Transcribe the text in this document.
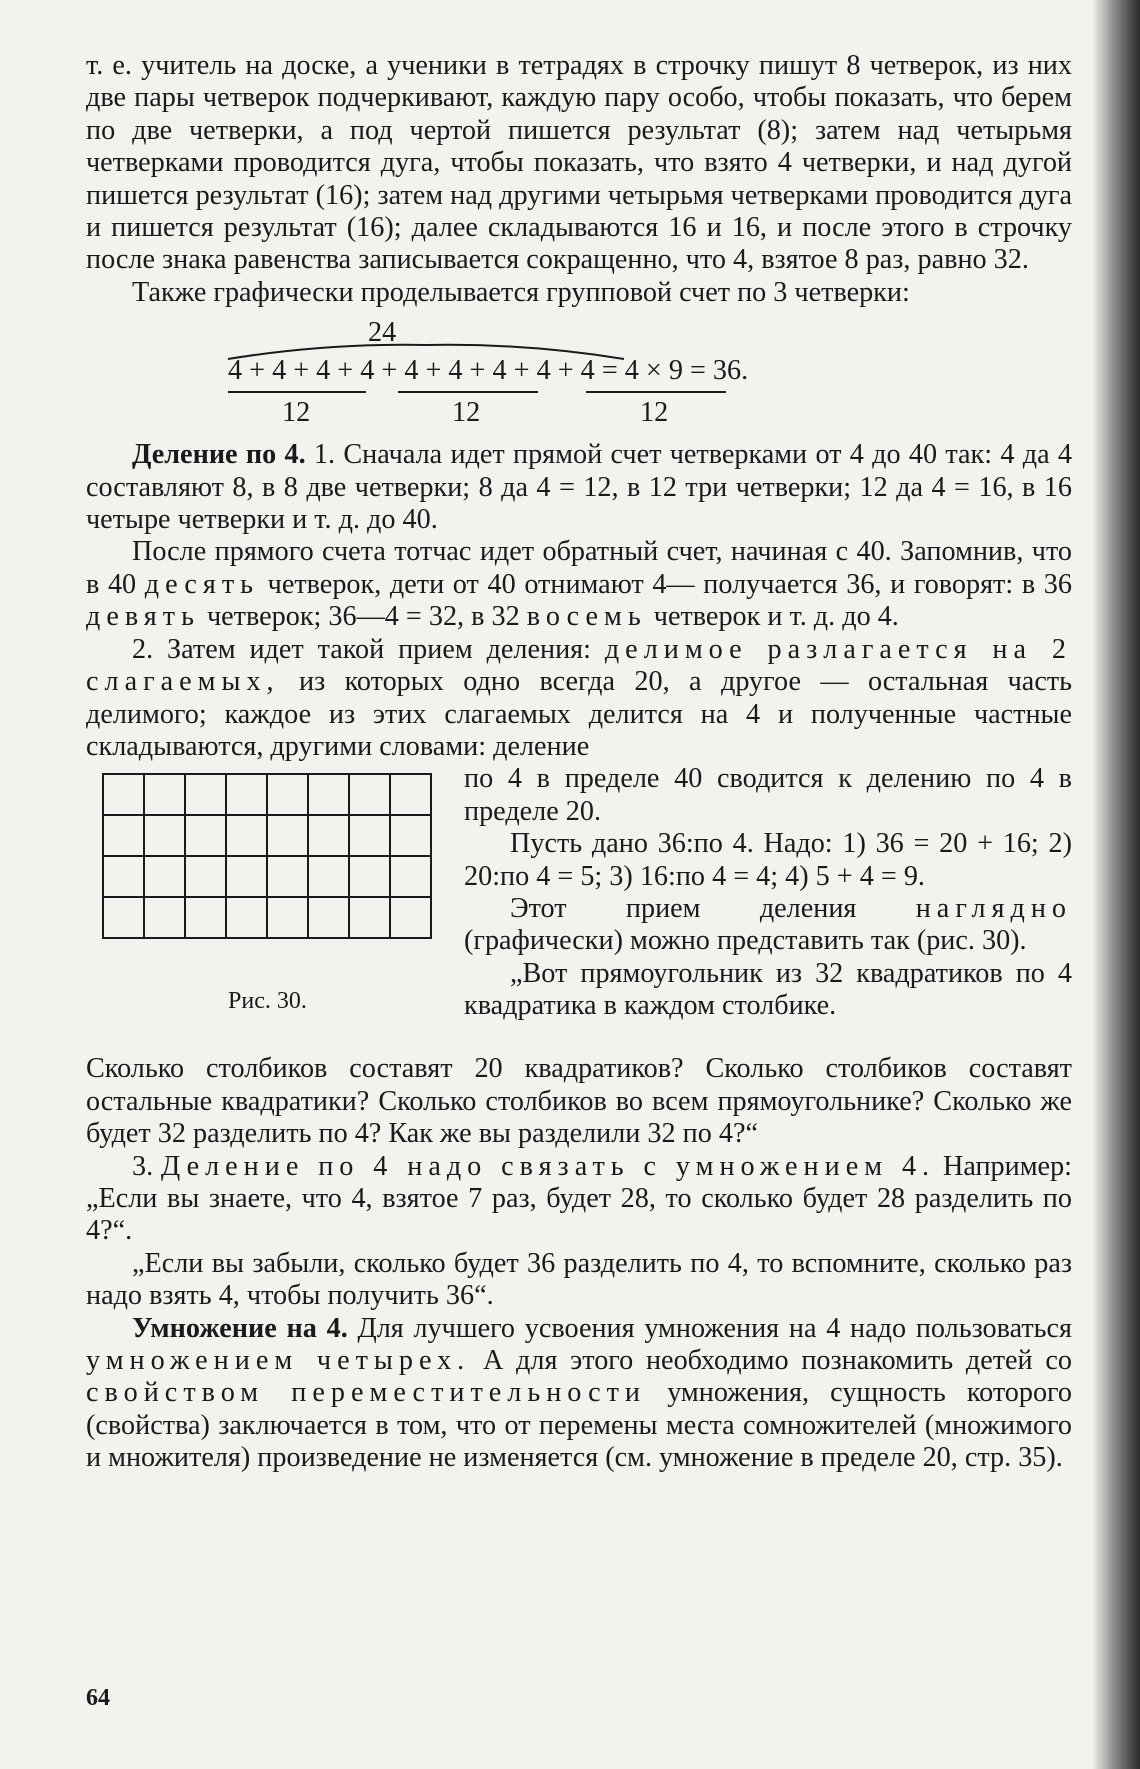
т. е. учитель на доске, а ученики в тетрадях в строчку пишут 8 четверок, из них две пары четверок подчеркивают, каждую пару особо, чтобы показать, что берем по две четверки, а под чертой пишется результат (8); затем над четырьмя четверками проводится дуга, чтобы показать, что взято 4 четверки, и над дугой пишется результат (16); затем над другими четырьмя четверками проводится дуга и пишется результат (16); далее складываются 16 и 16, и после этого в строчку после знака равенства записывается сокращенно, что 4, взятое 8 раз, равно 32.

Также графически проделывается групповой счет по 3 четверки:

24
4 + 4 + 4 + 4 + 4 + 4 + 4 + 4 + 4 = 4 × 9 = 36.
12	12	12

Деление по 4. 1. Сначала идет прямой счет четверками от 4 до 40 так: 4 да 4 составляют 8, в 8 две четверки; 8 да 4 = 12, в 12 три четверки; 12 да 4 = 16, в 16 четыре четверки и т. д. до 40.

После прямого счета тотчас идет обратный счет, начиная с 40. Запомнив, что в 40 десять четверок, дети от 40 отнимают 4— получается 36, и говорят: в 36 девять четверок; 36—4 = 32, в 32 восемь четверок и т. д. до 4.

2. Затем идет такой прием деления: делимое разлагается на 2 слагаемых, из которых одно всегда 20, а другое — остальная часть делимого; каждое из этих слагаемых делится на 4 и полученные частные складываются, другими словами: деление

Рис. 30.

по 4 в пределе 40 сводится к делению по 4 в пределе 20.

Пусть дано 36:по 4. Надо: 1) 36 = 20 + 16; 2) 20:по 4 = 5; 3) 16:по 4 = 4; 4) 5 + 4 = 9.

Этот прием деления наглядно (графически) можно представить так (рис. 30).

„Вот прямоугольник из 32 квадратиков по 4 квадратика в каждом столбике.

Сколько столбиков составят 20 квадратиков? Сколько столбиков составят остальные квадратики? Сколько столбиков во всем прямоугольнике? Сколько же будет 32 разделить по 4? Как же вы разделили 32 по 4?“

3. Деление по 4 надо связать с умножением 4. Например: „Если вы знаете, что 4, взятое 7 раз, будет 28, то сколько будет 28 разделить по 4?“.

„Если вы забыли, сколько будет 36 разделить по 4, то вспомните, сколько раз надо взять 4, чтобы получить 36“.

Умножение на 4. Для лучшего усвоения умножения на 4 надо пользоваться умножением четырех. А для этого необходимо познакомить детей со свойством переместительности умножения, сущность которого (свойства) заключается в том, что от перемены места сомножителей (множимого и множителя) произведение не изменяется (см. умножение в пределе 20, стр. 35).

64
